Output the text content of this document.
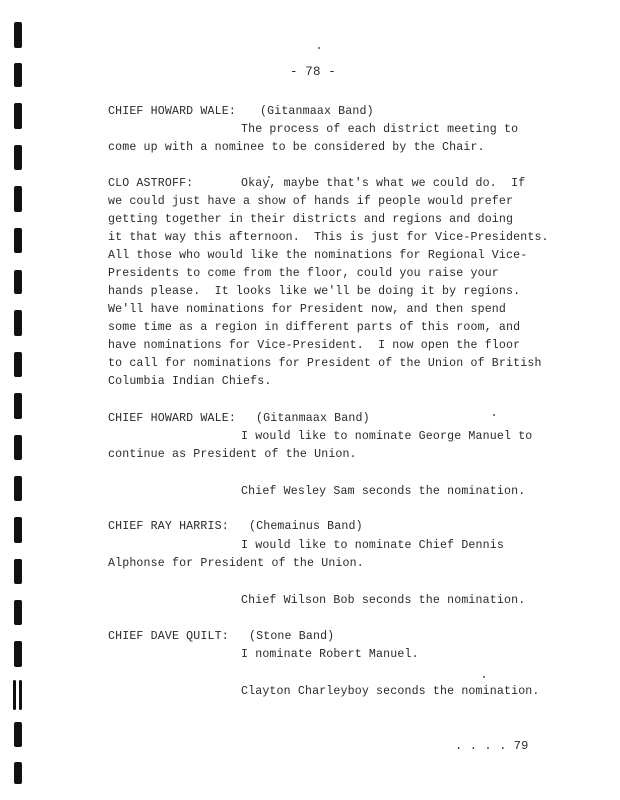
- 78 -
CHIEF HOWARD WALE: (Gitanmaax Band)
The process of each district meeting to
come up with a nominee to be considered by the Chair.
CLO ASTROFF:	Okay, maybe that's what we could do.  If
we could just have a show of hands if people would prefer
getting together in their districts and regions and doing
it that way this afternoon.  This is just for Vice-Presidents.
All those who would like the nominations for Regional Vice-
Presidents to come from the floor, could you raise your
hands please.  It looks like we'll be doing it by regions.
We'll have nominations for President now, and then spend
some time as a region in different parts of this room, and
have nominations for Vice-President.  I now open the floor
to call for nominations for President of the Union of British
Columbia Indian Chiefs.
CHIEF HOWARD WALE: (Gitanmaax Band)
I would like to nominate George Manuel to
continue as President of the Union.
Chief Wesley Sam seconds the nomination.
CHIEF RAY HARRIS: (Chemainus Band)
I would like to nominate Chief Dennis
Alphonse for President of the Union.
Chief Wilson Bob seconds the nomination.
CHIEF DAVE QUILT: (Stone Band)
I nominate Robert Manuel.
Clayton Charleyboy seconds the nomination.
. . . . 79
